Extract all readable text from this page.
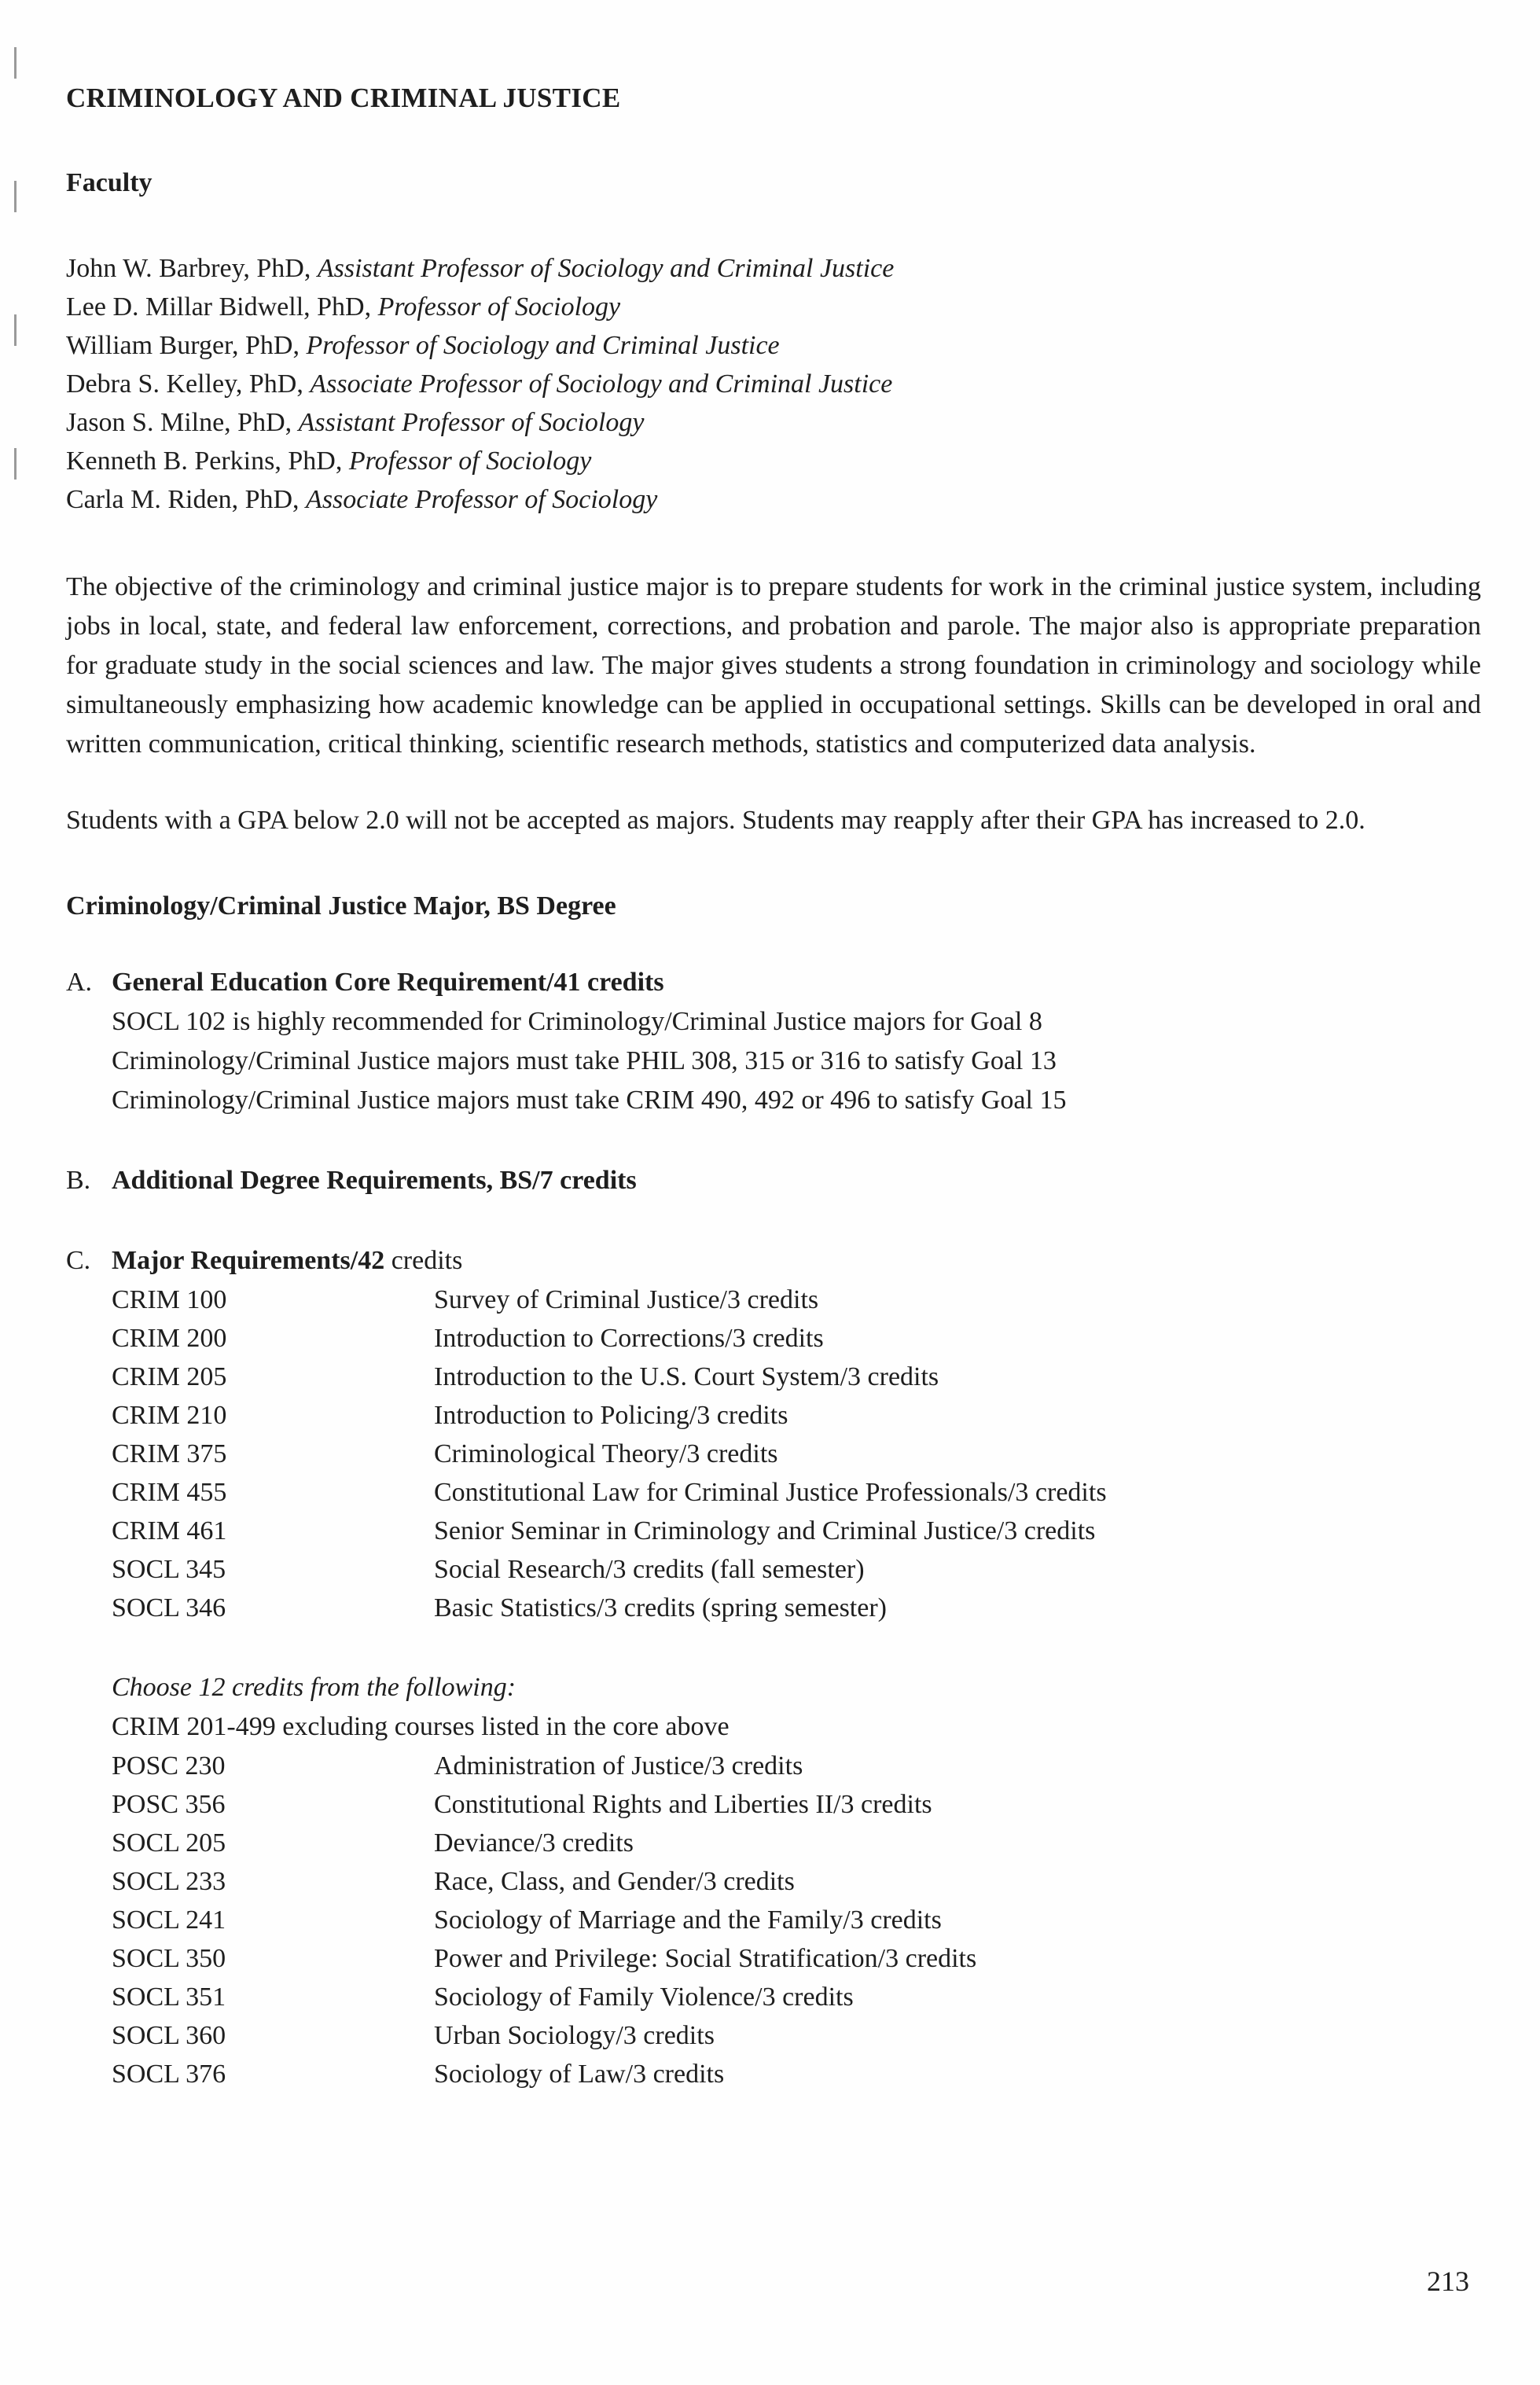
CRIMINOLOGY AND CRIMINAL JUSTICE
Faculty
John W. Barbrey, PhD, Assistant Professor of Sociology and Criminal Justice
Lee D. Millar Bidwell, PhD, Professor of Sociology
William Burger, PhD, Professor of Sociology and Criminal Justice
Debra S. Kelley, PhD, Associate Professor of Sociology and Criminal Justice
Jason S. Milne, PhD, Assistant Professor of Sociology
Kenneth B. Perkins, PhD, Professor of Sociology
Carla M. Riden, PhD, Associate Professor of Sociology

The objective of the criminology and criminal justice major is to prepare students for work in the criminal justice system, including jobs in local, state, and federal law enforcement, corrections, and probation and parole. The major also is appropriate preparation for graduate study in the social sciences and law. The major gives students a strong foundation in criminology and sociology while simultaneously emphasizing how academic knowledge can be applied in occupational settings. Skills can be developed in oral and written communication, critical thinking, scientific research methods, statistics and computerized data analysis.

Students with a GPA below 2.0 will not be accepted as majors. Students may reapply after their GPA has increased to 2.0.

Criminology/Criminal Justice Major, BS Degree
A. General Education Core Requirement/41 credits
SOCL 102 is highly recommended for Criminology/Criminal Justice majors for Goal 8
Criminology/Criminal Justice majors must take PHIL 308, 315 or 316 to satisfy Goal 13
Criminology/Criminal Justice majors must take CRIM 490, 492 or 496 to satisfy Goal 15
B. Additional Degree Requirements, BS/7 credits
C. Major Requirements/42 credits
CRIM 100	Survey of Criminal Justice/3 credits
CRIM 200	Introduction to Corrections/3 credits
CRIM 205	Introduction to the U.S. Court System/3 credits
CRIM 210	Introduction to Policing/3 credits
CRIM 375	Criminological Theory/3 credits
CRIM 455	Constitutional Law for Criminal Justice Professionals/3 credits
CRIM 461	Senior Seminar in Criminology and Criminal Justice/3 credits
SOCL 345	Social Research/3 credits (fall semester)
SOCL 346	Basic Statistics/3 credits (spring semester)
Choose 12 credits from the following:
CRIM 201-499 excluding courses listed in the core above
POSC 230	Administration of Justice/3 credits
POSC 356	Constitutional Rights and Liberties II/3 credits
SOCL 205	Deviance/3 credits
SOCL 233	Race, Class, and Gender/3 credits
SOCL 241	Sociology of Marriage and the Family/3 credits
SOCL 350	Power and Privilege: Social Stratification/3 credits
SOCL 351	Sociology of Family Violence/3 credits
SOCL 360	Urban Sociology/3 credits
SOCL 376	Sociology of Law/3 credits
213
